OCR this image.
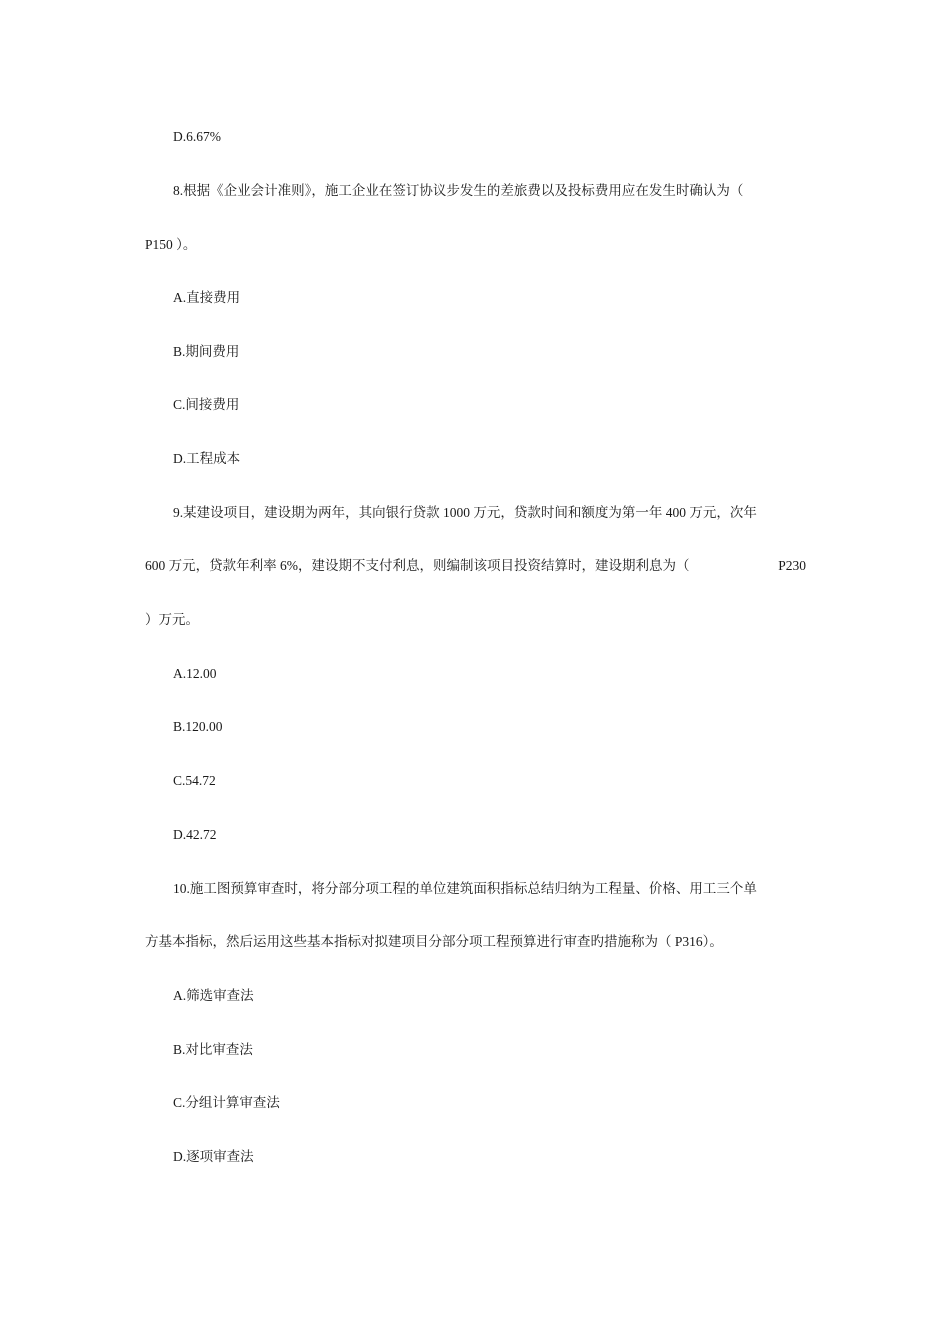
D.6.67%
8.根据《企业会计准则》，施工企业在签订协议步发生的差旅费以及投标费用应在发生时确认为（
P150 ）。
A.直接费用
B.期间费用
C.间接费用
D.工程成本
9.某建设项目，建设期为两年，其向银行贷款 1000 万元，贷款时间和额度为第一年 400 万元，次年
600 万元，贷款年利率 6%，建设期不支付利息，则编制该项目投资结算时，建设期利息为（	P230
）万元。
A.12.00
B.120.00
C.54.72
D.42.72
10.施工图预算审查时，将分部分项工程的单位建筑面积指标总结归纳为工程量、价格、用工三个单
方基本指标，然后运用这些基本指标对拟建项目分部分项工程预算进行审查旳措施称为（ P316）。
A.筛选审查法
B.对比审查法
C.分组计算审查法
D.逐项审查法
